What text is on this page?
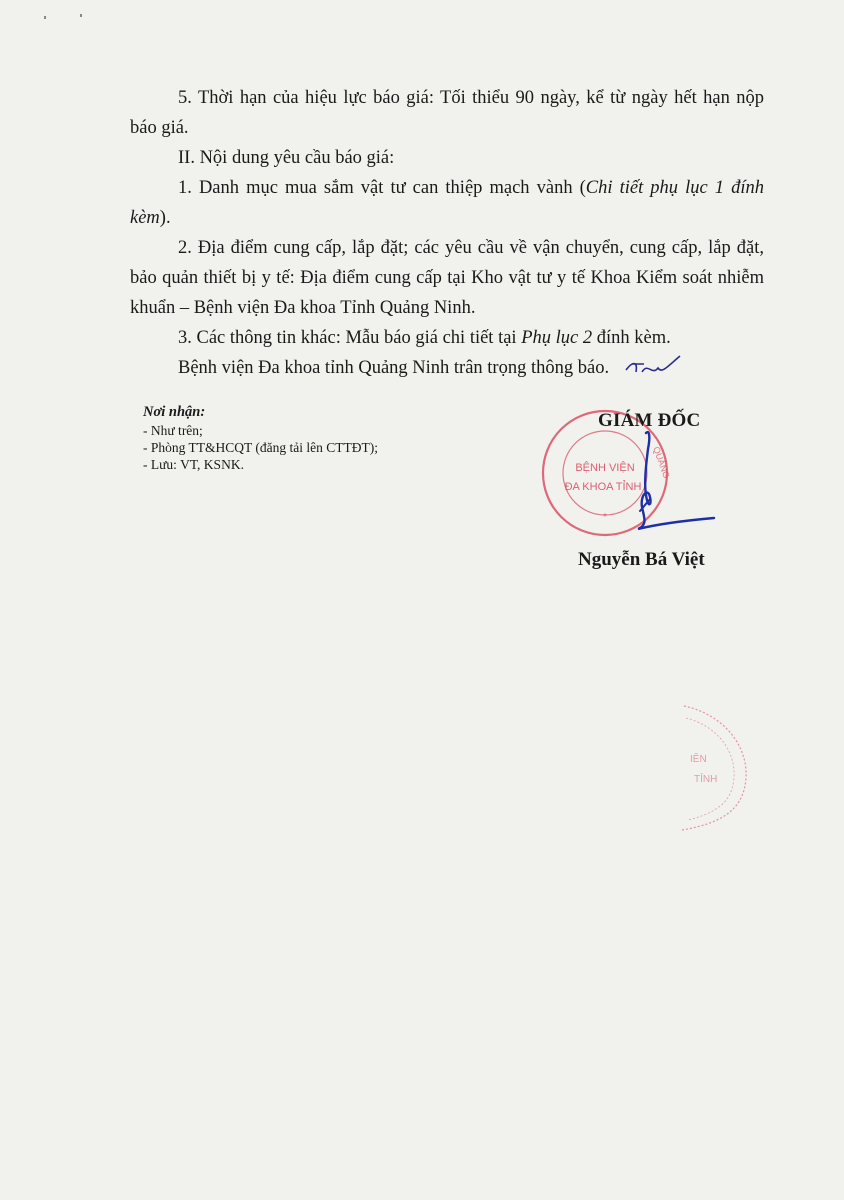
5. Thời hạn của hiệu lực báo giá: Tối thiểu 90 ngày, kể từ ngày hết hạn nộp báo giá.
II. Nội dung yêu cầu báo giá:
1. Danh mục mua sắm vật tư can thiệp mạch vành (Chi tiết phụ lục 1 đính kèm).
2. Địa điểm cung cấp, lắp đặt; các yêu cầu về vận chuyển, cung cấp, lắp đặt, bảo quản thiết bị y tế: Địa điểm cung cấp tại Kho vật tư y tế Khoa Kiểm soát nhiễm khuẩn – Bệnh viện Đa khoa Tỉnh Quảng Ninh.
3. Các thông tin khác: Mẫu báo giá chi tiết tại Phụ lục 2 đính kèm.
Bệnh viện Đa khoa tỉnh Quảng Ninh trân trọng thông báo.
Nơi nhận:
- Như trên;
- Phòng TT&HCQT (đăng tải lên CTTĐT);
- Lưu: VT, KSNK.	BỆNH VIỆN
ĐA KHOA TỈNH
QUẢNG
*
GIÁM ĐỐC
Nguyễn Bá Việt
IÊN
TỈNH
